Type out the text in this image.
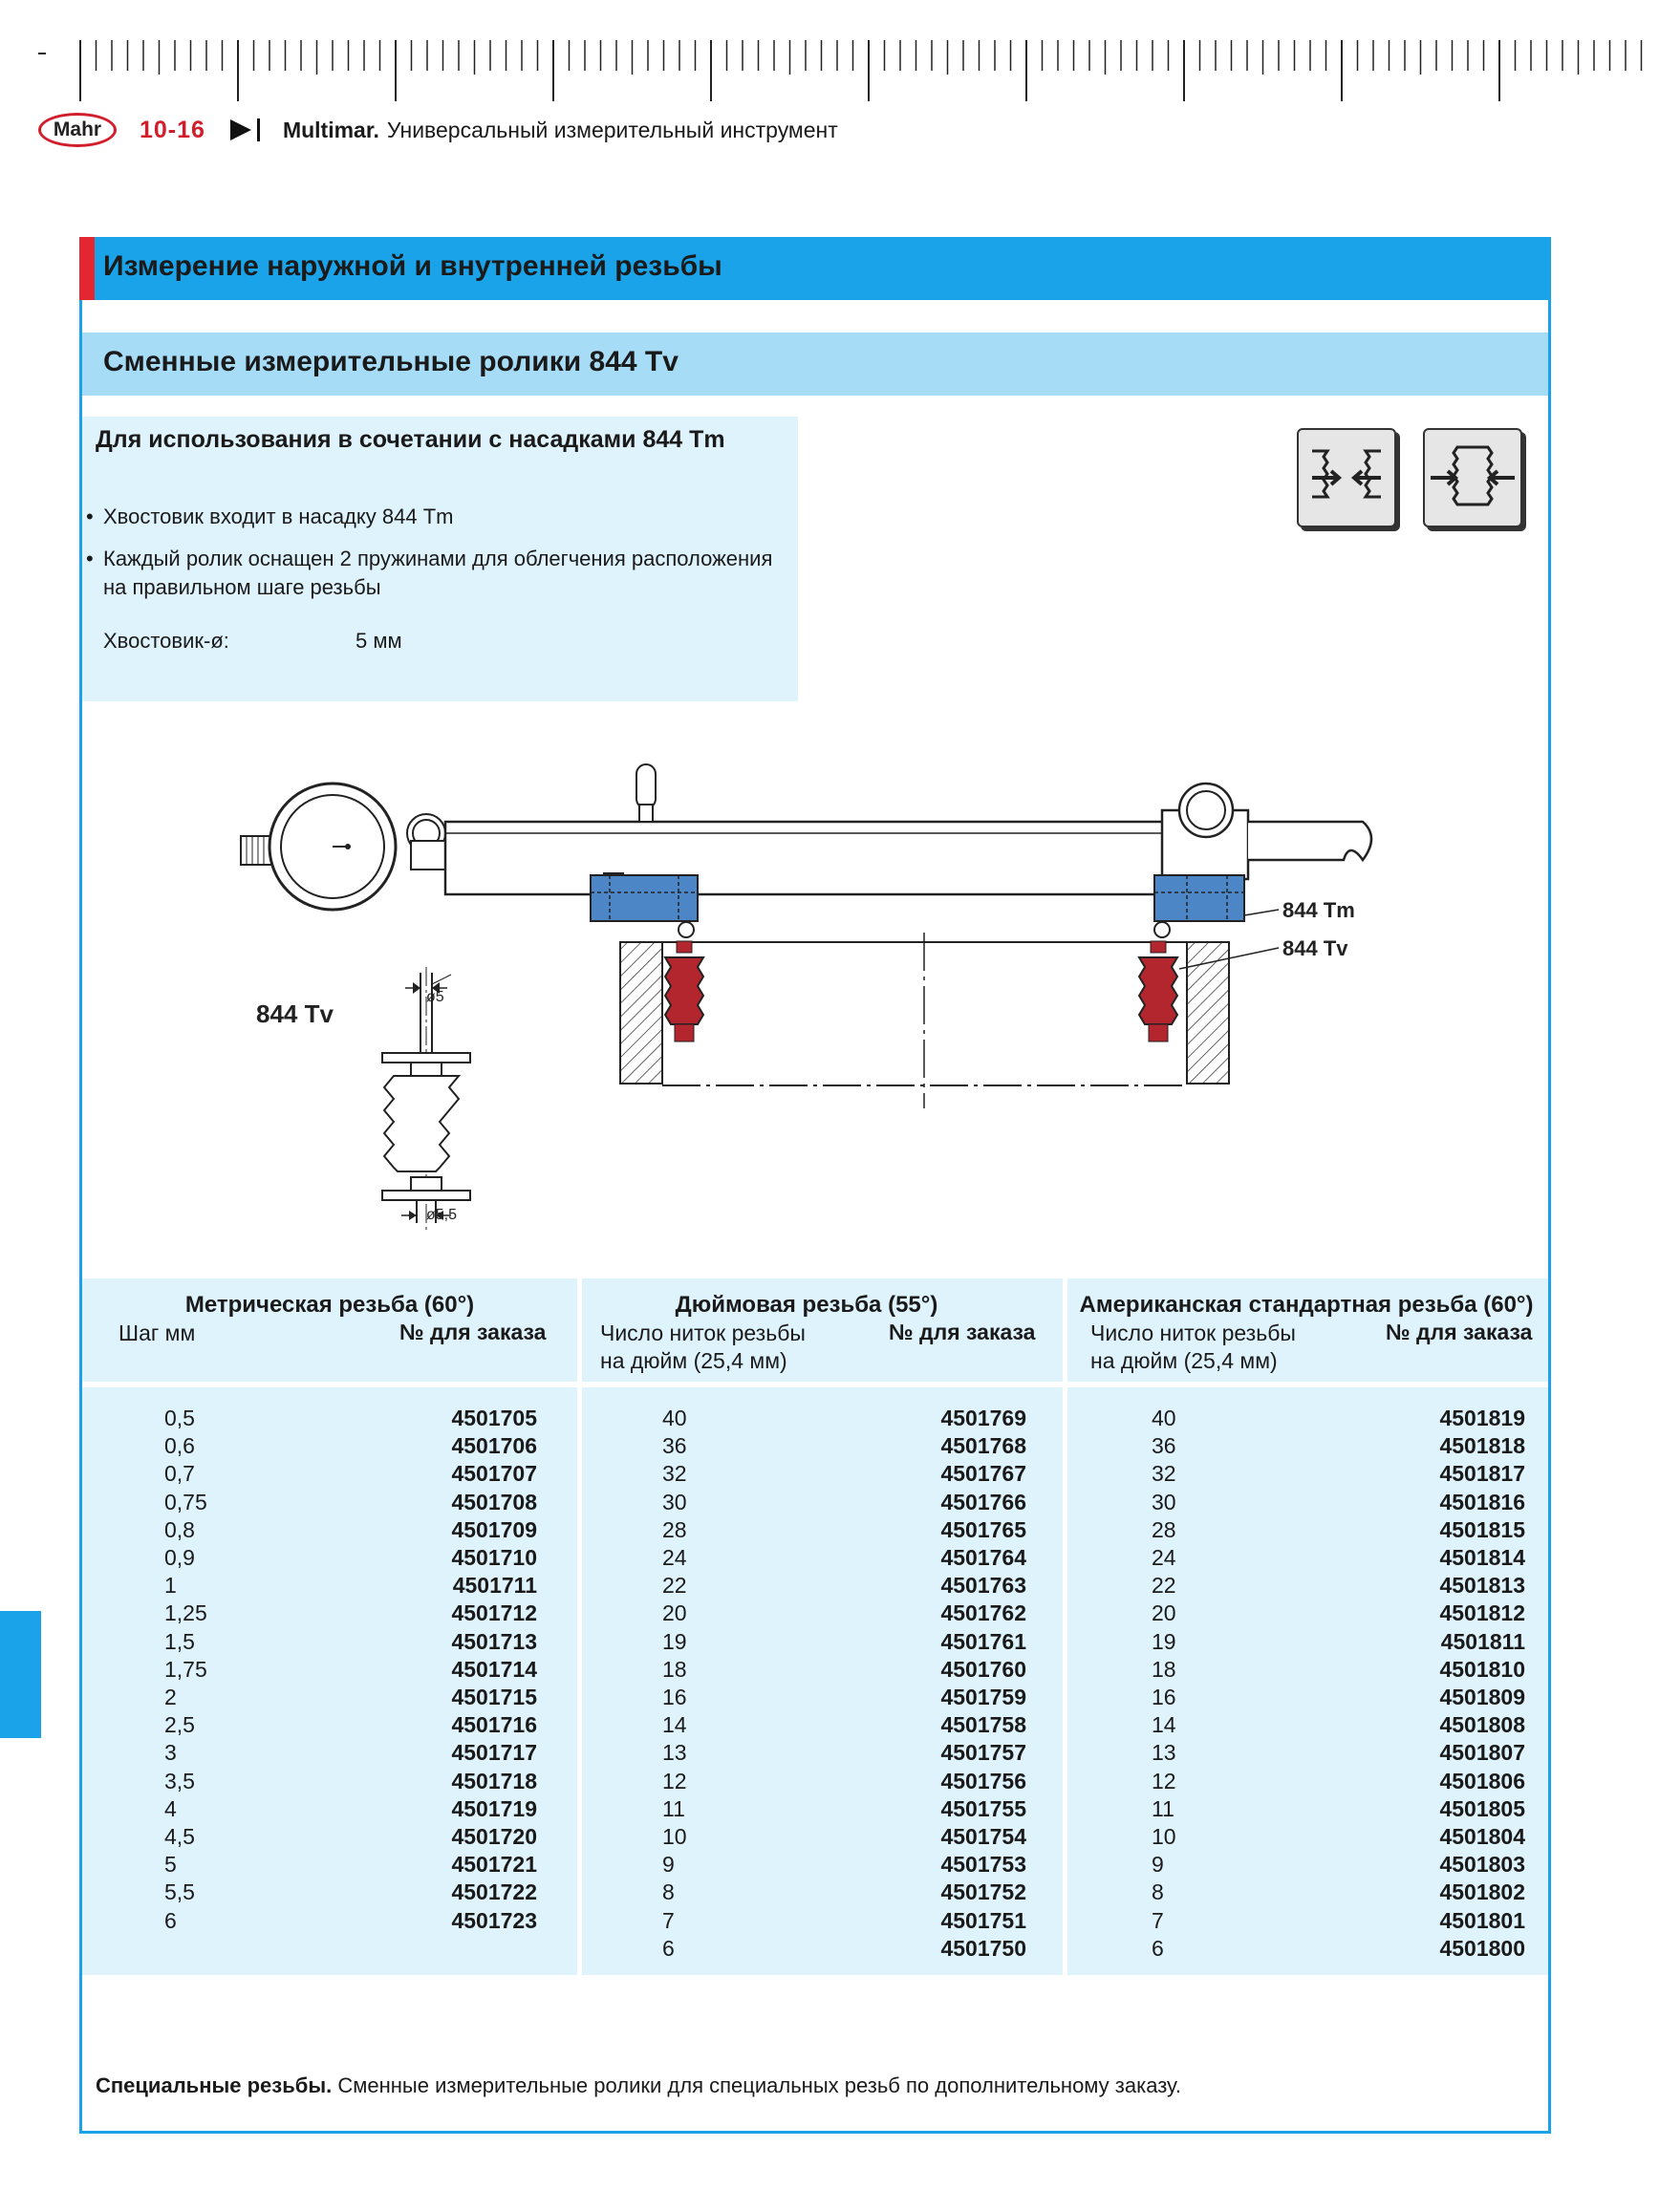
Mahr 10-16	Multimar. Универсальный измерительный инструмент
Измерение наружной и внутренней резьбы
Сменные измерительные ролики 844 Tv
Для использования в сочетании с насадками 844 Tm
• Хвостовик входит в насадку 844 Tm
• Каждый ролик оснащен 2 пружинами для облегчения расположения на правильном шаге резьбы
Хвостовик-ø:	5 мм
844 Tm
844 Tv
844 Tv
ø5
ø5,5
Метрическая резьба (60°)
Шаг мм	№ для заказа
Дюймовая резьба (55°)
Число ниток резьбы
на дюйм (25,4 мм)
№ для заказа
Американская стандартная резьба (60°)
Число ниток резьбы
на дюйм (25,4 мм)
№ для заказа
0,5	4501705
0,6	4501706
0,7	4501707
0,75	4501708
0,8	4501709
0,9	4501710
1	4501711
1,25	4501712
1,5	4501713
1,75	4501714
2	4501715
2,5	4501716
3	4501717
3,5	4501718
4	4501719
4,5	4501720
5	4501721
5,5	4501722
6	4501723
40	4501769
36	4501768
32	4501767
30	4501766
28	4501765
24	4501764
22	4501763
20	4501762
19	4501761
18	4501760
16	4501759
14	4501758
13	4501757
12	4501756
11	4501755
10	4501754
9	4501753
8	4501752
7	4501751
6	4501750
40	4501819
36	4501818
32	4501817
30	4501816
28	4501815
24	4501814
22	4501813
20	4501812
19	4501811
18	4501810
16	4501809
14	4501808
13	4501807
12	4501806
11	4501805
10	4501804
9	4501803
8	4501802
7	4501801
6	4501800
Специальные резьбы. Сменные измерительные ролики для специальных резьб по дополнительному заказу.
